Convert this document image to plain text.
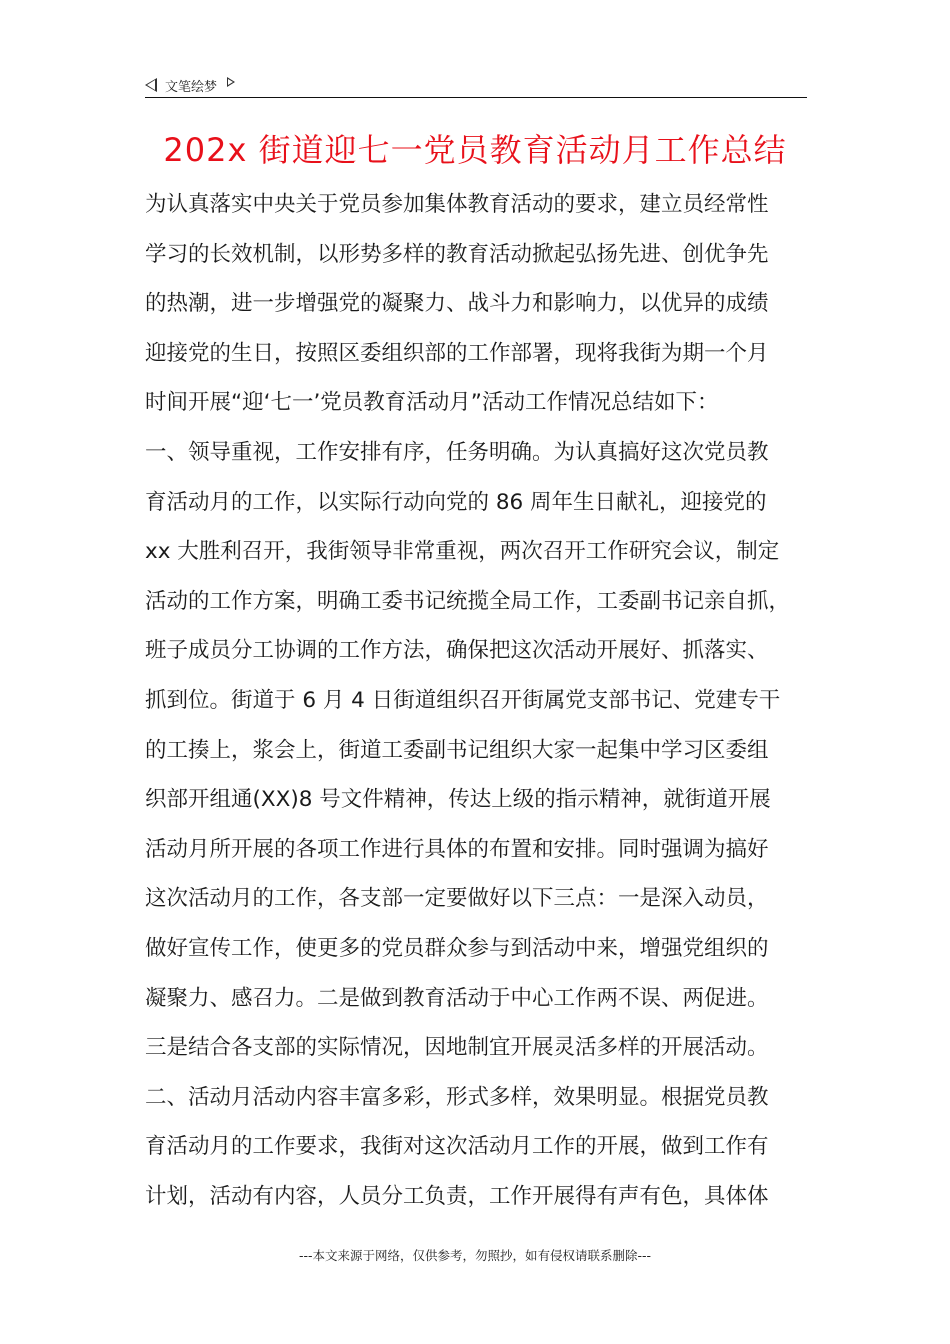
文笔绘梦
202x 街道迎七一党员教育活动月工作总结
为认真落实中央关于党员参加集体教育活动的要求，建立员经常性
学习的长效机制，以形势多样的教育活动掀起弘扬先进、创优争先
的热潮，进一步增强党的凝聚力、战斗力和影响力，以优异的成绩
迎接党的生日，按照区委组织部的工作部署，现将我街为期一个月
时间开展“迎‘七一’党员教育活动月”活动工作情况总结如下：
一、领导重视，工作安排有序，任务明确。为认真搞好这次党员教
育活动月的工作，以实际行动向党的 86 周年生日献礼，迎接党的
xx 大胜利召开，我街领导非常重视，两次召开工作研究会议，制定
活动的工作方案，明确工委书记统揽全局工作，工委副书记亲自抓，
班子成员分工协调的工作方法，确保把这次活动开展好、抓落实、
抓到位。街道于 6 月 4 日街道组织召开街属党支部书记、党建专干
的工揍上，浆会上，街道工委副书记组织大家一起集中学习区委组
织部开组通(XX)8 号文件精神，传达上级的指示精神，就街道开展
活动月所开展的各项工作进行具体的布置和安排。同时强调为搞好
这次活动月的工作，各支部一定要做好以下三点：一是深入动员，
做好宣传工作，使更多的党员群众参与到活动中来，增强党组织的
凝聚力、感召力。二是做到教育活动于中心工作两不误、两促进。
三是结合各支部的实际情况，因地制宜开展灵活多样的开展活动。
二、活动月活动内容丰富多彩，形式多样，效果明显。根据党员教
育活动月的工作要求，我街对这次活动月工作的开展，做到工作有
计划，活动有内容，人员分工负责，工作开展得有声有色，具体体
---本文来源于网络，仅供参考，勿照抄，如有侵权请联系删除---
